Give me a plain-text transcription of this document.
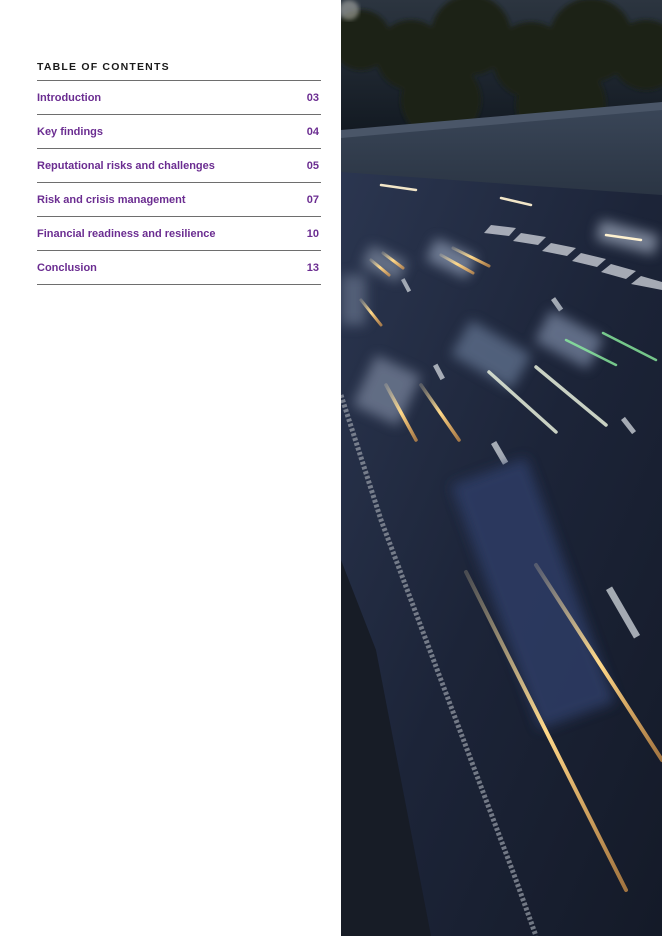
TABLE OF CONTENTS
Introduction	03
Key findings	04
Reputational risks and challenges	05
Risk and crisis management	07
Financial readiness and resilience	10
Conclusion	13
